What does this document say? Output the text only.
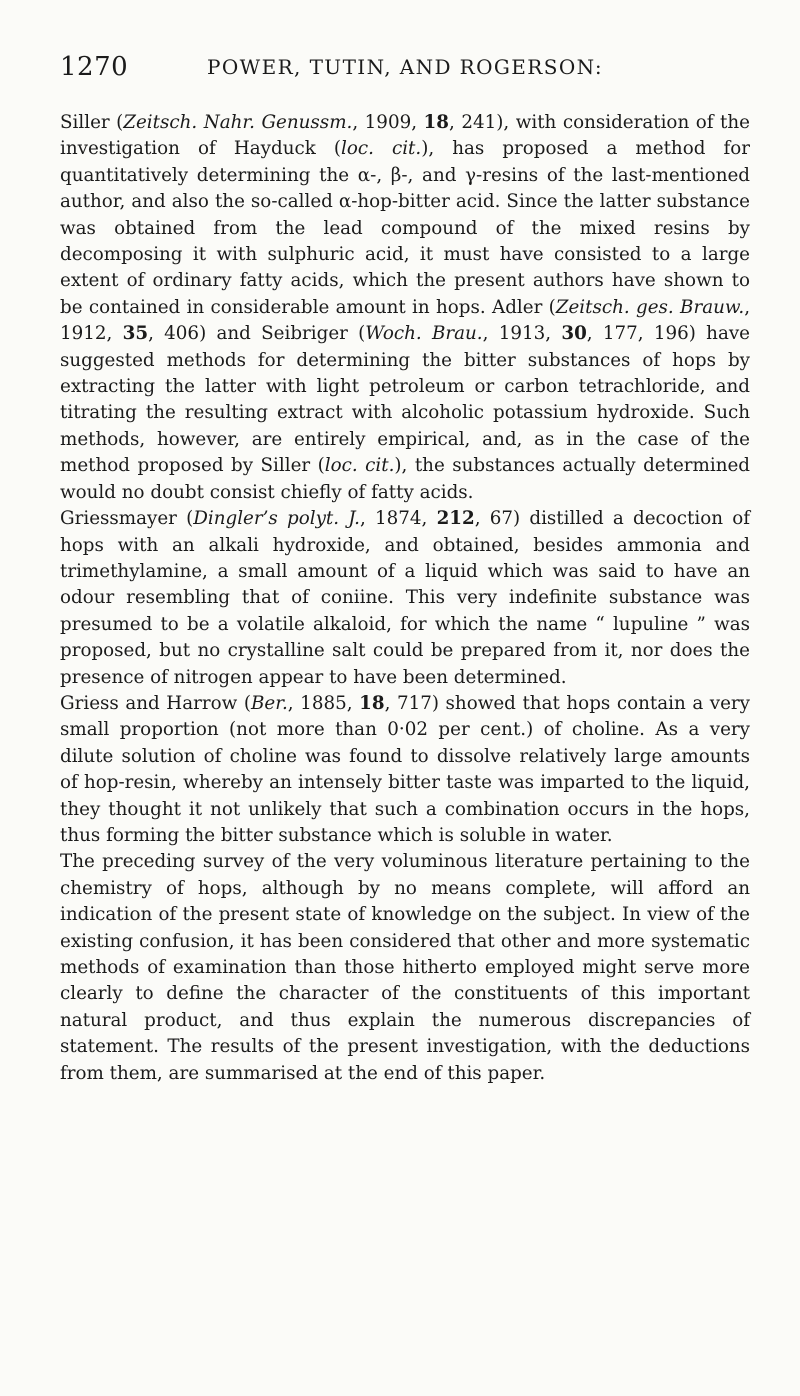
1270	POWER, TUTIN, AND ROGERSON:

Siller (Zeitsch. Nahr. Genussm., 1909, 18, 241), with consideration of the investigation of Hayduck (loc. cit.), has proposed a method for quantitatively determining the α-, β-, and γ-resins of the last-mentioned author, and also the so-called α-hop-bitter acid. Since the latter substance was obtained from the lead compound of the mixed resins by decomposing it with sulphuric acid, it must have consisted to a large extent of ordinary fatty acids, which the present authors have shown to be contained in considerable amount in hops. Adler (Zeitsch. ges. Brauw., 1912, 35, 406) and Seibriger (Woch. Brau., 1913, 30, 177, 196) have suggested methods for determining the bitter substances of hops by extracting the latter with light petroleum or carbon tetrachloride, and titrating the resulting extract with alcoholic potassium hydroxide. Such methods, however, are entirely empirical, and, as in the case of the method proposed by Siller (loc. cit.), the substances actually determined would no doubt consist chiefly of fatty acids.

Griessmayer (Dingler’s polyt. J., 1874, 212, 67) distilled a decoction of hops with an alkali hydroxide, and obtained, besides ammonia and trimethylamine, a small amount of a liquid which was said to have an odour resembling that of coniine. This very indefinite substance was presumed to be a volatile alkaloid, for which the name “ lupuline ” was proposed, but no crystalline salt could be prepared from it, nor does the presence of nitrogen appear to have been determined.

Griess and Harrow (Ber., 1885, 18, 717) showed that hops contain a very small proportion (not more than 0·02 per cent.) of choline. As a very dilute solution of choline was found to dissolve relatively large amounts of hop-resin, whereby an intensely bitter taste was imparted to the liquid, they thought it not unlikely that such a combination occurs in the hops, thus forming the bitter substance which is soluble in water.

The preceding survey of the very voluminous literature pertaining to the chemistry of hops, although by no means complete, will afford an indication of the present state of knowledge on the subject. In view of the existing confusion, it has been considered that other and more systematic methods of examination than those hitherto employed might serve more clearly to define the character of the constituents of this important natural product, and thus explain the numerous discrepancies of statement. The results of the present investigation, with the deductions from them, are summarised at the end of this paper.
